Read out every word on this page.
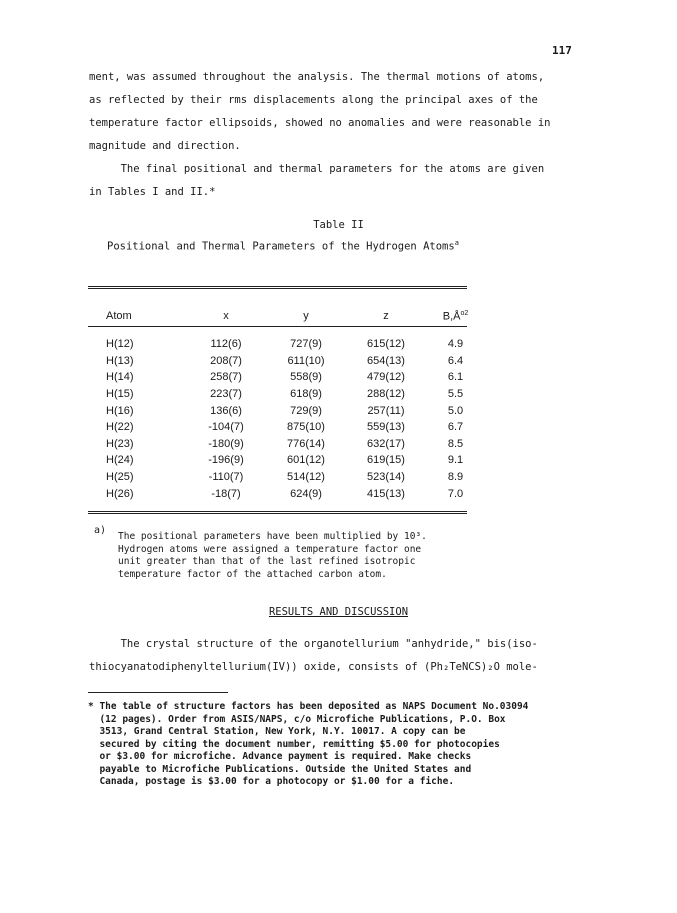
117

ment, was assumed throughout the analysis. The thermal motions of atoms,
as reflected by their rms displacements along the principal axes of the
temperature factor ellipsoids, showed no anomalies and were reasonable in
magnitude and direction.
The final positional and thermal parameters for the atoms are given
in Tables I and II.*

Table II
Positional and Thermal Parameters of the Hydrogen Atoms$^a$
Atom	x	y	z	$B,Å^{o2}$

H(12)	112(6)	727(9)	615(12)	4.9
H(13)	208(7)	611(10)	654(13)	6.4
H(14)	258(7)	558(9)	479(12)	6.1
H(15)	223(7)	618(9)	288(12)	5.5
H(16)	136(6)	729(9)	257(11)	5.0
H(22)	-104(7)	875(10)	559(13)	6.7
H(23)	-180(9)	776(14)	632(17)	8.5
H(24)	-196(9)	601(12)	619(15)	9.1
H(25)	-110(7)	514(12)	523(14)	8.9
H(26)	-18(7)	624(9)	415(13)	7.0
a)

The positional parameters have been multiplied by 10³.
Hydrogen atoms were assigned a temperature factor one
unit greater than that of the last refined isotropic
temperature factor of the attached carbon atom.

RESULTS AND DISCUSSION

The crystal structure of the organotellurium "anhydride," bis(iso-
thiocyanatodiphenyltellurium(IV)) oxide, consists of (Ph₂TeNCS)₂O mole-

* The table of structure factors has been deposited as NAPS Document No.03094
(12 pages). Order from ASIS/NAPS, c/o Microfiche Publications, P.O. Box
3513, Grand Central Station, New York, N.Y. 10017. A copy can be
secured by citing the document number, remitting $5.00 for photocopies
or $3.00 for microfiche. Advance payment is required. Make checks
payable to Microfiche Publications. Outside the United States and
Canada, postage is $3.00 for a photocopy or $1.00 for a fiche.
